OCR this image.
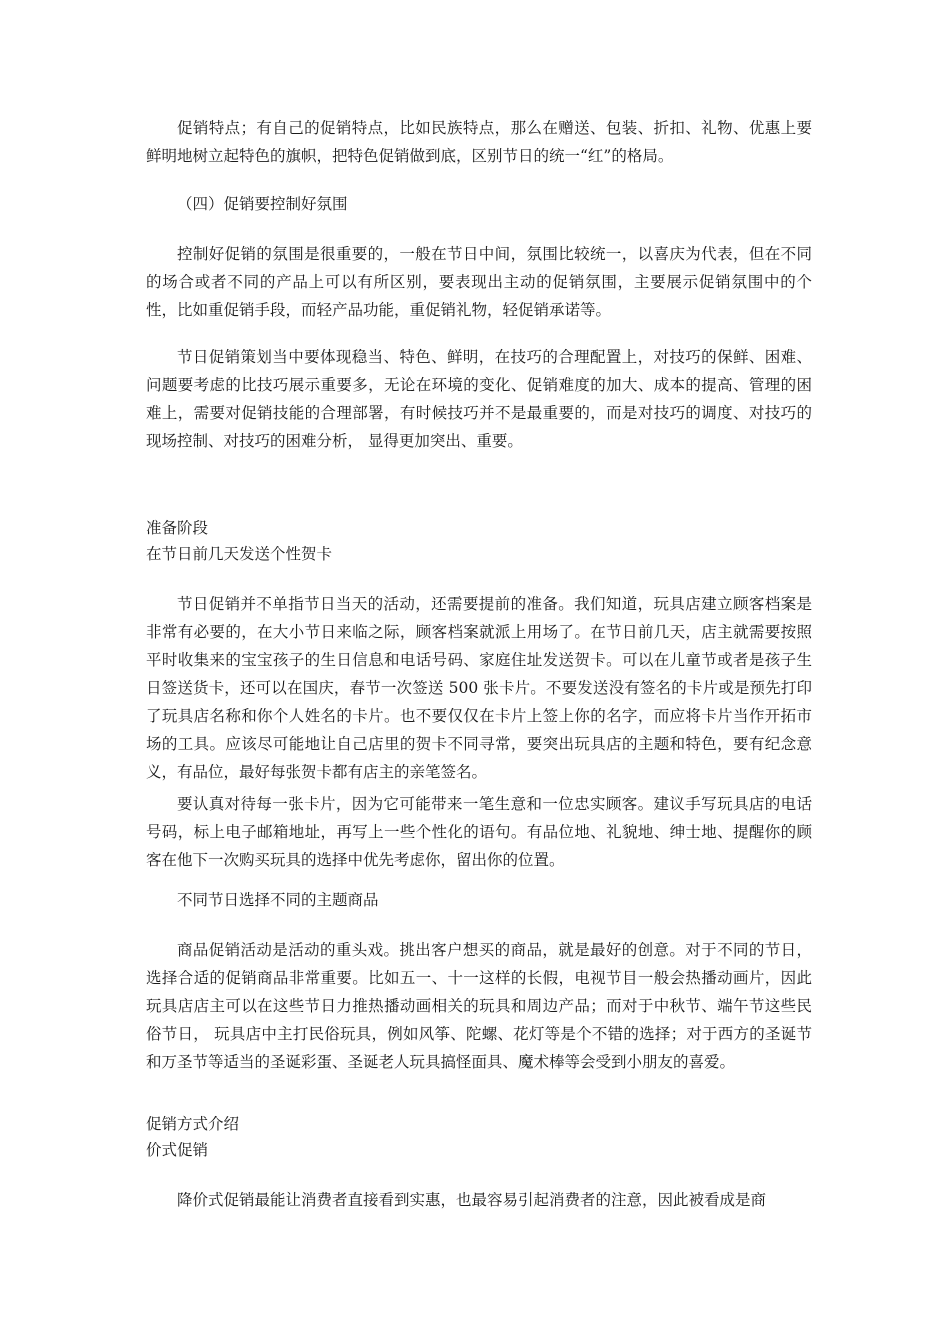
促销特点；有自己的促销特点，比如民族特点，那么在赠送、包装、折扣、礼物、优惠上要鲜明地树立起特色的旗帜，把特色促销做到底，区别节日的统一“红”的格局。

（四）促销要控制好氛围

控制好促销的氛围是很重要的，一般在节日中间，氛围比较统一，以喜庆为代表，但在不同的场合或者不同的产品上可以有所区别，要表现出主动的促销氛围，主要展示促销氛围中的个性，比如重促销手段，而轻产品功能，重促销礼物，轻促销承诺等。

节日促销策划当中要体现稳当、特色、鲜明，在技巧的合理配置上，对技巧的保鲜、困难、问题要考虑的比技巧展示重要多，无论在环境的变化、促销难度的加大、成本的提高、管理的困难上，需要对促销技能的合理部署，有时候技巧并不是最重要的，而是对技巧的调度、对技巧的现场控制、对技巧的困难分析， 显得更加突出、重要。

准备阶段

在节日前几天发送个性贺卡

节日促销并不单指节日当天的活动，还需要提前的准备。我们知道，玩具店建立顾客档案是非常有必要的，在大小节日来临之际，顾客档案就派上用场了。在节日前几天，店主就需要按照平时收集来的宝宝孩子的生日信息和电话号码、家庭住址发送贺卡。可以在儿童节或者是孩子生日签送货卡，还可以在国庆，春节一次签送 500 张卡片。不要发送没有签名的卡片或是预先打印了玩具店名称和你个人姓名的卡片。也不要仅仅在卡片上签上你的名字，而应将卡片当作开拓市场的工具。应该尽可能地让自己店里的贺卡不同寻常，要突出玩具店的主题和特色，要有纪念意义，有品位，最好每张贺卡都有店主的亲笔签名。

要认真对待每一张卡片，因为它可能带来一笔生意和一位忠实顾客。建议手写玩具店的电话号码，标上电子邮箱地址，再写上一些个性化的语句。有品位地、礼貌地、绅士地、提醒你的顾客在他下一次购买玩具的选择中优先考虑你，留出你的位置。

不同节日选择不同的主题商品

商品促销活动是活动的重头戏。挑出客户想买的商品，就是最好的创意。对于不同的节日，选择合适的促销商品非常重要。比如五一、十一这样的长假，电视节目一般会热播动画片，因此玩具店店主可以在这些节日力推热播动画相关的玩具和周边产品；而对于中秋节、端午节这些民俗节日， 玩具店中主打民俗玩具，例如风筝、陀螺、花灯等是个不错的选择；对于西方的圣诞节和万圣节等适当的圣诞彩蛋、圣诞老人玩具搞怪面具、魔术棒等会受到小朋友的喜爱。

促销方式介绍

价式促销

降价式促销最能让消费者直接看到实惠，也最容易引起消费者的注意，因此被看成是商
